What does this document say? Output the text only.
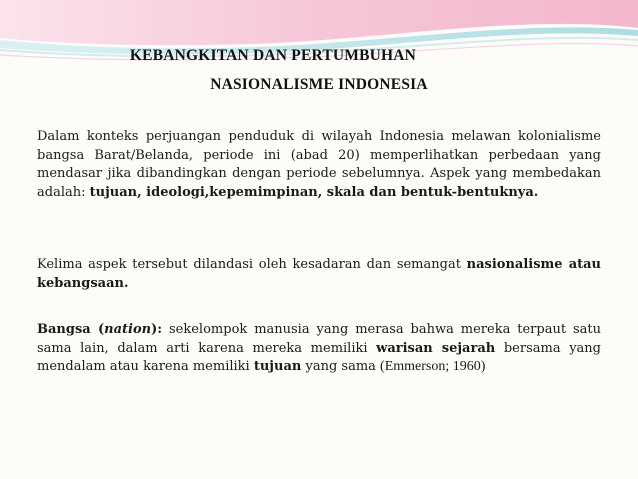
KEBANGKITAN DAN PERTUMBUHAN
NASIONALISME INDONESIA
Dalam konteks perjuangan penduduk di wilayah Indonesia melawan kolonialisme bangsa Barat/Belanda, periode ini (abad 20) memperlihatkan perbedaan yang mendasar jika dibandingkan dengan periode sebelumnya. Aspek yang membedakan adalah: tujuan, ideologi,kepemimpinan, skala dan bentuk-bentuknya.
Kelima aspek tersebut dilandasi oleh kesadaran dan semangat nasionalisme atau kebangsaan.
Bangsa (nation): sekelompok manusia yang merasa bahwa mereka terpaut satu sama lain, dalam arti karena mereka memiliki warisan sejarah bersama yang mendalam atau karena memiliki tujuan yang sama (Emmerson; 1960)
